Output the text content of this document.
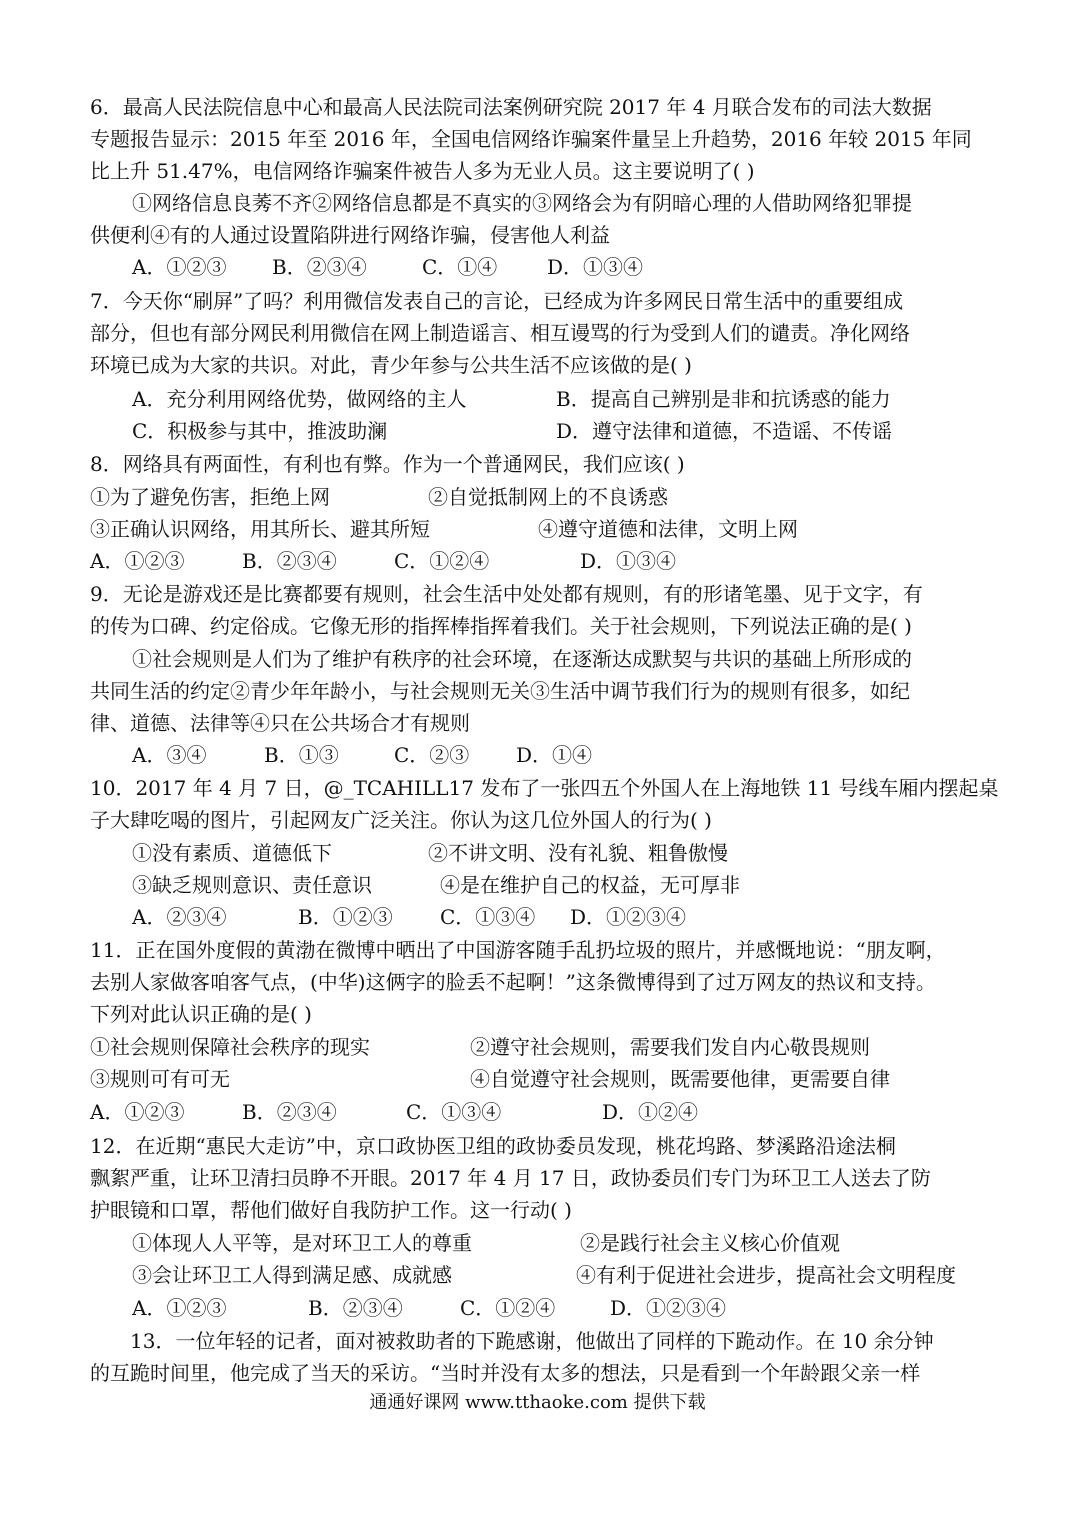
6．最高人民法院信息中心和最高人民法院司法案例研究院 2017 年 4 月联合发布的司法大数据
专题报告显示：2015 年至 2016 年，全国电信网络诈骗案件量呈上升趋势，2016 年较 2015 年同
比上升 51.47%，电信网络诈骗案件被告人多为无业人员。这主要说明了( )
①网络信息良莠不齐②网络信息都是不真实的③网络会为有阴暗心理的人借助网络犯罪提
供便利④有的人通过设置陷阱进行网络诈骗，侵害他人利益
A．①②③ B．②③④	C．①④ D．①③④
7．今天你“刷屏”了吗？利用微信发表自己的言论，已经成为许多网民日常生活中的重要组成
部分，但也有部分网民利用微信在网上制造谣言、相互谩骂的行为受到人们的谴责。净化网络
环境已成为大家的共识。对此，青少年参与公共生活不应该做的是( )
A．充分利用网络优势，做网络的主人	B．提高自己辨别是非和抗诱惑的能力
C．积极参与其中，推波助澜	D．遵守法律和道德，不造谣、不传谣
8．网络具有两面性，有利也有弊。作为一个普通网民，我们应该( )
①为了避免伤害，拒绝上网	②自觉抵制网上的不良诱惑
③正确认识网络，用其所长、避其所短	④遵守道德和法律，文明上网
A．①②③	B．②③④	C．①②④	D．①③④
9．无论是游戏还是比赛都要有规则，社会生活中处处都有规则，有的形诸笔墨、见于文字，有
的传为口碑、约定俗成。它像无形的指挥棒指挥着我们。关于社会规则，下列说法正确的是( )
①社会规则是人们为了维护有秩序的社会环境，在逐渐达成默契与共识的基础上所形成的
共同生活的约定②青少年年龄小，与社会规则无关③生活中调节我们行为的规则有很多，如纪
律、道德、法律等④只在公共场合才有规则
A．③④	B．①③	C．②③ D．①④
10．2017 年 4 月 7 日，@_TCAHILL17 发布了一张四五个外国人在上海地铁 11 号线车厢内摆起桌
子大肆吃喝的图片，引起网友广泛关注。你认为这几位外国人的行为( )
①没有素质、道德低下	②不讲文明、没有礼貌、粗鲁傲慢
③缺乏规则意识、责任意识	④是在维护自己的权益，无可厚非
A．②③④	B．①②③ C．①③④ D．①②③④
11．正在国外度假的黄渤在微博中晒出了中国游客随手乱扔垃圾的照片，并感慨地说：“朋友啊，
去别人家做客咱客气点，(中华)这俩字的脸丢不起啊！”这条微博得到了过万网友的热议和支持。
下列对此认识正确的是( )
①社会规则保障社会秩序的现实	②遵守社会规则，需要我们发自内心敬畏规则
③规则可有可无	④自觉遵守社会规则，既需要他律，更需要自律
A．①②③	B．②③④	C．①③④	D．①②④
12．在近期“惠民大走访”中，京口政协医卫组的政协委员发现，桃花坞路、梦溪路沿途法桐
飘絮严重，让环卫清扫员睁不开眼。2017 年 4 月 17 日，政协委员们专门为环卫工人送去了防
护眼镜和口罩，帮他们做好自我防护工作。这一行动( )
①体现人人平等，是对环卫工人的尊重	②是践行社会主义核心价值观
③会让环卫工人得到满足感、成就感	④有利于促进社会进步，提高社会文明程度
A．①②③	B．②③④	C．①②④	D．①②③④
13．一位年轻的记者，面对被救助者的下跪感谢，他做出了同样的下跪动作。在 10 余分钟
的互跪时间里，他完成了当天的采访。“当时并没有太多的想法，只是看到一个年龄跟父亲一样
通通好课网 www.tthaoke.com 提供下载
